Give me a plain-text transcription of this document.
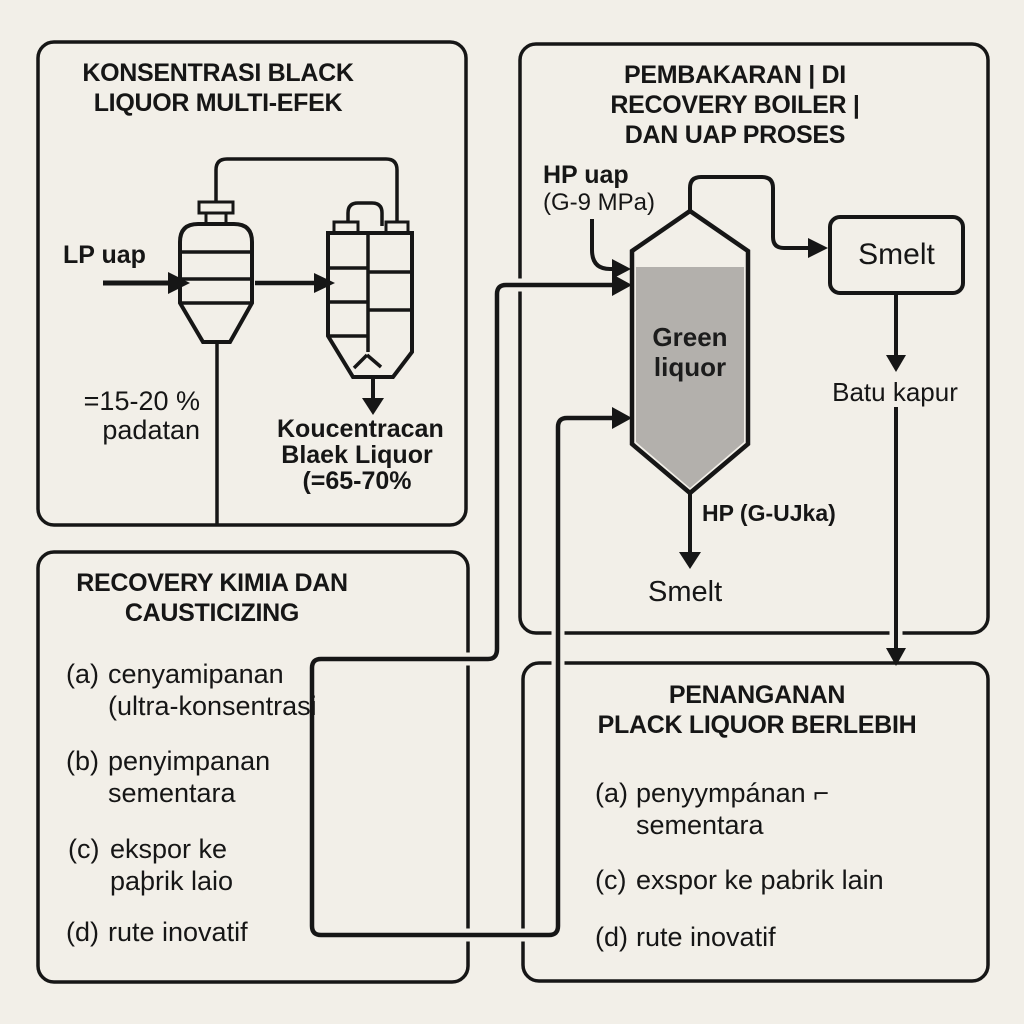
KONSENTRASI BLACK
LIQUOR MULTI-EFEK
LP uap
=15-20 %
padatan	Koucentracan
Blaek Liquor
(=65-70%
PEMBAKARAN | DI
RECOVERY BOILER |
DAN UAP PROSES
HP uap
(G-9 MPa)
Green
liquor
Smelt
Batu kapur
HP (G-UJka)
Smelt
RECOVERY KIMIA DAN
CAUSTICIZING
(a) cenyamipanan
(ultra-konsentrasi
(b) penyimpanan
sementara
(c) ekspor ke
paþrik laio
(d) rute inovatif
PENANGANAN
PLACK LIQUOR BERLEBIH
(a) penyympánan ⌐
sementara
(c) exspor ke pabrik lain
(d) rute inovatif
